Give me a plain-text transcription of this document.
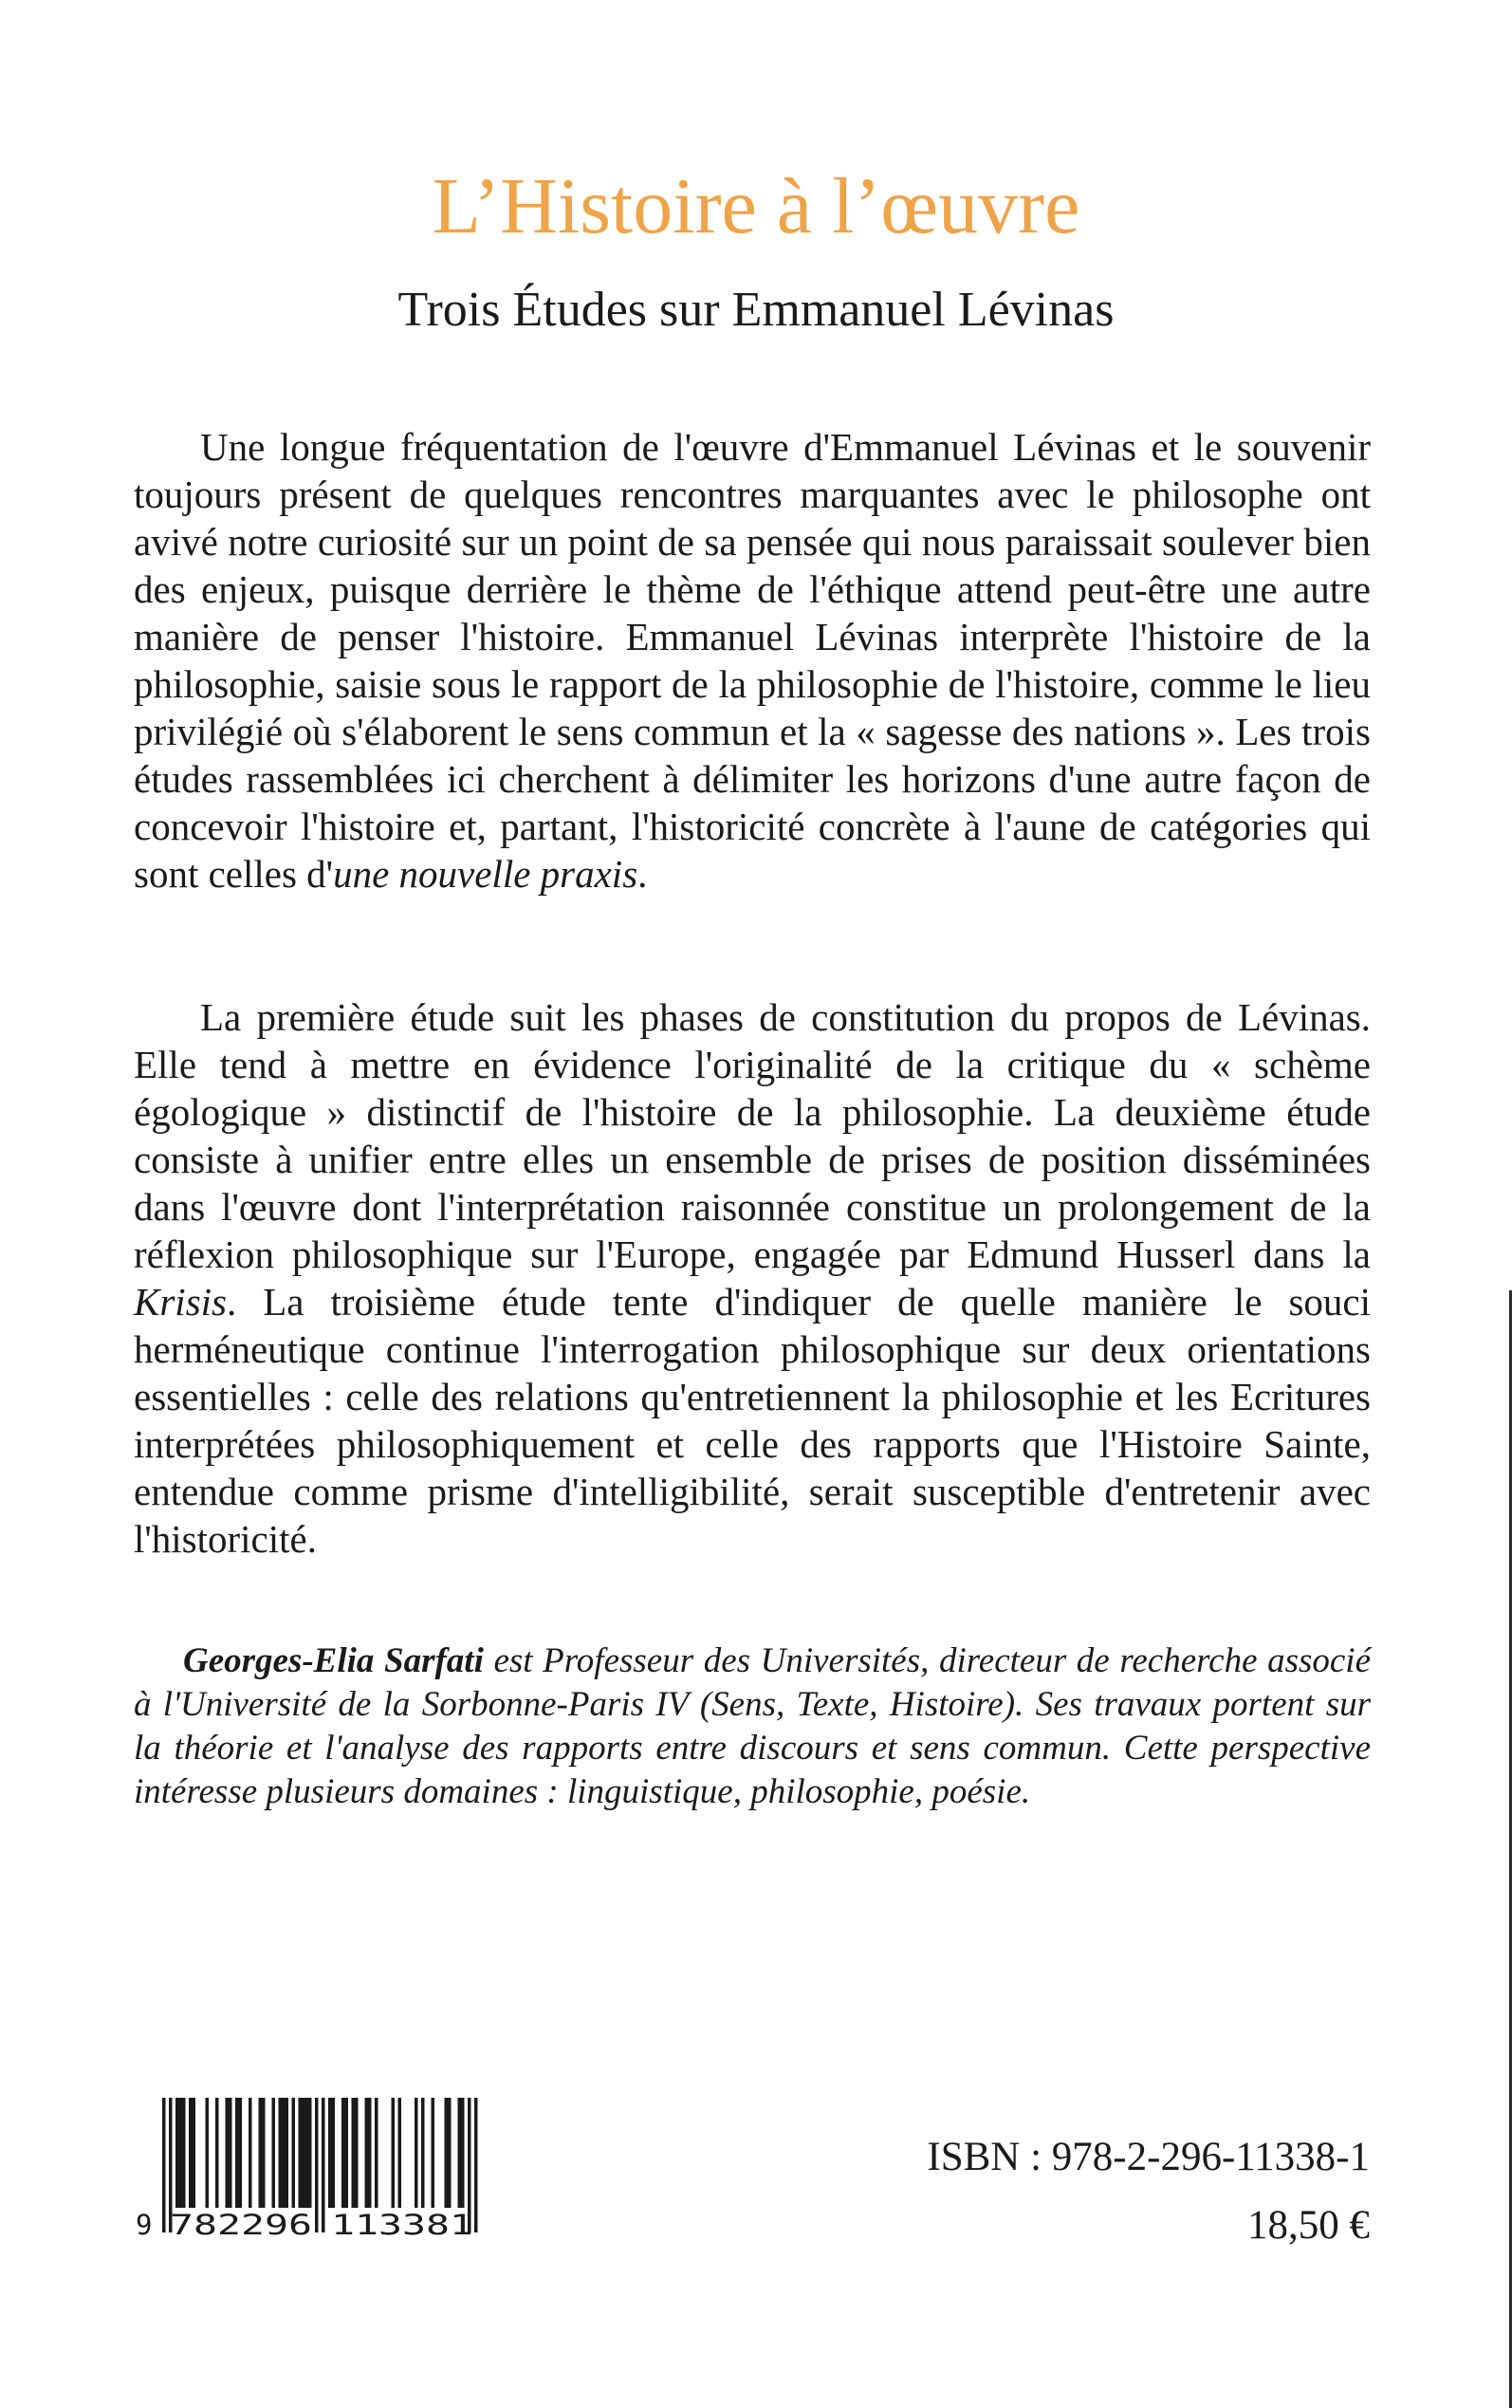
L’Histoire à l’œuvre
Trois Études sur Emmanuel Lévinas

Une longue fréquentation de l'œuvre d'Emmanuel Lévinas et le souvenir toujours présent de quelques rencontres marquantes avec le philosophe ont avivé notre curiosité sur un point de sa pensée qui nous paraissait soulever bien des enjeux, puisque derrière le thème de l'éthique attend peut-être une autre manière de penser l'histoire. Emmanuel Lévinas interprète l'histoire de la philosophie, saisie sous le rapport de la philosophie de l'histoire, comme le lieu privilégié où s'élaborent le sens commun et la « sagesse des nations ». Les trois études rassemblées ici cherchent à délimiter les horizons d'une autre façon de concevoir l'histoire et, partant, l'historicité concrète à l'aune de catégories qui sont celles d'une nouvelle praxis.

La première étude suit les phases de constitution du propos de Lévinas. Elle tend à mettre en évidence l'originalité de la critique du « schème égologique » distinctif de l'histoire de la philosophie. La deuxième étude consiste à unifier entre elles un ensemble de prises de position disséminées dans l'œuvre dont l'interprétation raisonnée constitue un prolongement de la réflexion philosophique sur l'Europe, engagée par Edmund Husserl dans la Krisis. La troisième étude tente d'indiquer de quelle manière le souci herméneutique continue l'interrogation philosophique sur deux orientations essentielles : celle des relations qu'entretiennent la philosophie et les Ecritures interprétées philosophiquement et celle des rapports que l'Histoire Sainte, entendue comme prisme d'intelligibilité, serait susceptible d'entretenir avec l'historicité.

Georges-Elia Sarfati est Professeur des Universités, directeur de recherche associé à l'Université de la Sorbonne-Paris IV (Sens, Texte, Histoire). Ses travaux portent sur la théorie et l'analyse des rapports entre discours et sens commun. Cette perspective intéresse plusieurs domaines : linguistique, philosophie, poésie.

9 782296 113381

ISBN : 978-2-296-11338-1

18,50 €
